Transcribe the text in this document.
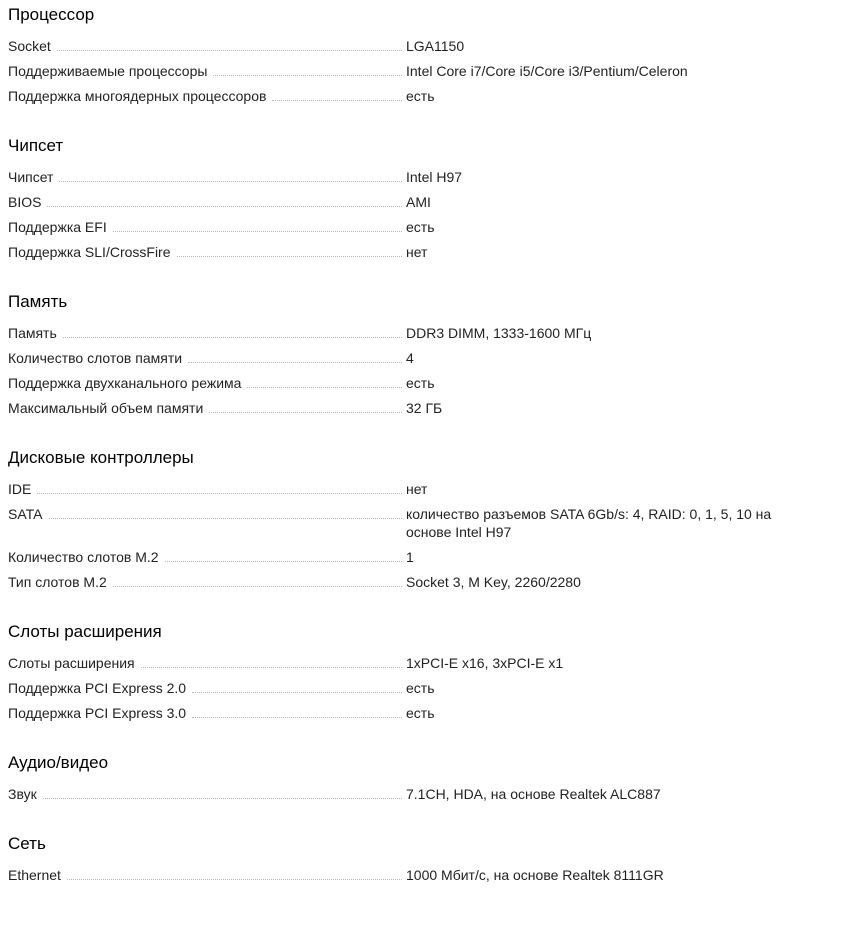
Процессор
Socket	LGA1150
Поддерживаемые процессоры	Intel Core i7/Core i5/Core i3/Pentium/Celeron
Поддержка многоядерных процессоров	есть
Чипсет
Чипсет	Intel H97
BIOS	AMI
Поддержка EFI	есть
Поддержка SLI/CrossFire	нет
Память
Память	DDR3 DIMM, 1333-1600 МГц
Количество слотов памяти	4
Поддержка двухканального режима	есть
Максимальный объем памяти	32 ГБ
Дисковые контроллеры
IDE	нет
SATA	количество разъемов SATA 6Gb/s: 4, RAID: 0, 1, 5, 10 на основе Intel H97
Количество слотов M.2	1
Тип слотов M.2	Socket 3, M Key, 2260/2280
Слоты расширения
Слоты расширения	1xPCI-E x16, 3xPCI-E x1
Поддержка PCI Express 2.0	есть
Поддержка PCI Express 3.0	есть
Аудио/видео
Звук	7.1CH, HDA, на основе Realtek ALC887
Сеть
Ethernet	1000 Мбит/с, на основе Realtek 8111GR
